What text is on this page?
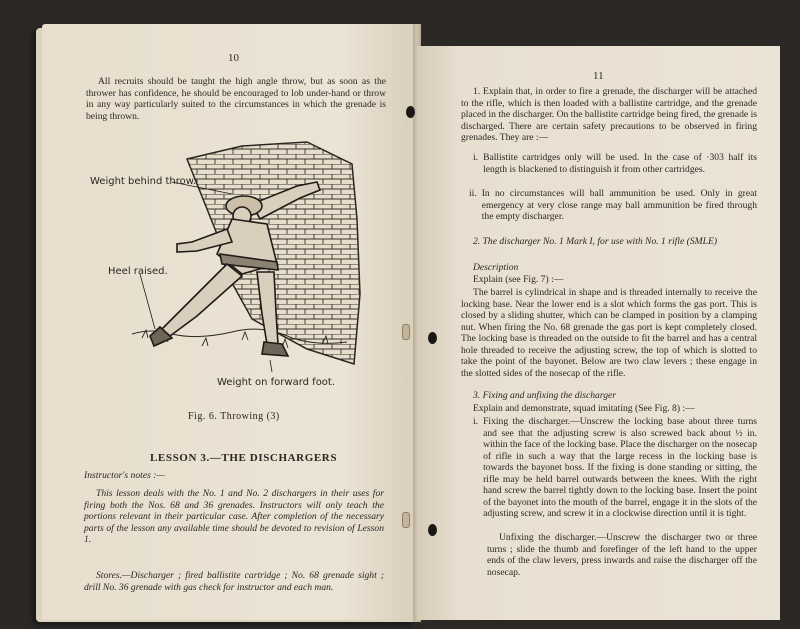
10
All recruits should be taught the high angle throw, but as soon as the thrower has confidence, he should be encouraged to lob under-hand or throw in any way particularly suited to the circumstances in which the grenade is being thrown.
Weight behind throw.
Heel raised.
Weight on forward foot.
Fig. 6. Throwing (3)
LESSON 3.—THE DISCHARGERS
Instructor's notes :—
This lesson deals with the No. 1 and No. 2 dischargers in their uses for firing both the Nos. 68 and 36 grenades. Instructors will only teach the portions relevant in their particular case. After completion of the necessary parts of the lesson any available time should be devoted to revision of Lesson 1.
Stores.—Discharger ; fired ballistite cartridge ; No. 68 grenade sight ; drill No. 36 grenade with gas check for instructor and each man.
11
1. Explain that, in order to fire a grenade, the discharger will be attached to the rifle, which is then loaded with a ballistite cartridge, and the grenade placed in the discharger. On the ballistite cartridge being fired, the grenade is discharged. There are certain safety precautions to be observed in firing grenades. They are :—
i. Ballistite cartridges only will be used. In the case of ·303 half its length is blackened to distinguish it from other cartridges.
ii. In no circumstances will ball ammunition be used. Only in great emergency at very close range may ball ammunition be fired through the empty discharger.
2. The discharger No. 1 Mark I, for use with No. 1 rifle (SMLE)
Description
Explain (see Fig. 7) :—
The barrel is cylindrical in shape and is threaded internally to receive the locking base. Near the lower end is a slot which forms the gas port. This is closed by a sliding shutter, which can be clamped in position by a clamping nut. When firing the No. 68 grenade the gas port is kept completely closed. The locking base is threaded on the outside to fit the barrel and has a central hole threaded to receive the adjusting screw, the top of which is slotted to take the point of the bayonet. Below are two claw levers ; these engage in the slotted sides of the nosecap of the rifle.
3. Fixing and unfixing the discharger
Explain and demonstrate, squad imitating (See Fig. 8) :—
i. Fixing the discharger.—Unscrew the locking base about three turns and see that the adjusting screw is also screwed back about ½ in. within the face of the locking base. Place the discharger on the nosecap of rifle in such a way that the large recess in the locking base is towards the bayonet boss. If the fixing is done standing or sitting, the rifle may be held barrel outwards between the knees. With the right hand screw the barrel tightly down to the locking base. Insert the point of the bayonet into the mouth of the barrel, engage it in the slots of the adjusting screw, and screw it in a clockwise direction until it is tight.
Unfixing the discharger.—Unscrew the discharger two or three turns ; slide the thumb and forefinger of the left hand to the upper ends of the claw levers, press inwards and raise the discharger off the nosecap.
